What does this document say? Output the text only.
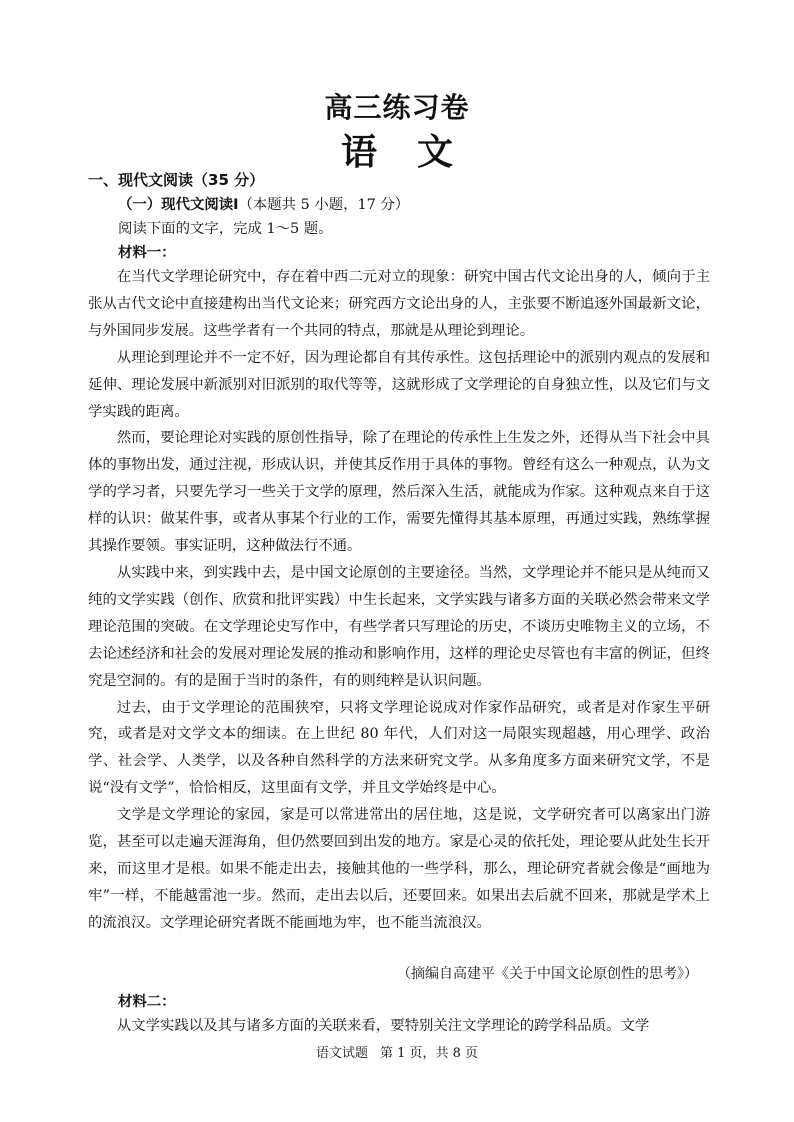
高三练习卷
语 文
一、现代文阅读（35 分）
（一）现代文阅读Ⅰ（本题共 5 小题，17 分）
阅读下面的文字，完成 1～5 题。
材料一：

在当代文学理论研究中，存在着中西二元对立的现象：研究中国古代文论出身的人，倾向于主张从古代文论中直接建构出当代文论来；研究西方文论出身的人，主张要不断追逐外国最新文论，与外国同步发展。这些学者有一个共同的特点，那就是从理论到理论。

从理论到理论并不一定不好，因为理论都自有其传承性。这包括理论中的派别内观点的发展和延伸、理论发展中新派别对旧派别的取代等等，这就形成了文学理论的自身独立性，以及它们与文学实践的距离。

然而，要论理论对实践的原创性指导，除了在理论的传承性上生发之外，还得从当下社会中具体的事物出发，通过注视，形成认识，并使其反作用于具体的事物。曾经有这么一种观点，认为文学的学习者，只要先学习一些关于文学的原理，然后深入生活，就能成为作家。这种观点来自于这样的认识：做某件事，或者从事某个行业的工作，需要先懂得其基本原理，再通过实践，熟练掌握其操作要领。事实证明，这种做法行不通。

从实践中来，到实践中去，是中国文论原创的主要途径。当然，文学理论并不能只是从纯而又纯的文学实践（创作、欣赏和批评实践）中生长起来，文学实践与诸多方面的关联必然会带来文学理论范围的突破。在文学理论史写作中，有些学者只写理论的历史，不谈历史唯物主义的立场，不去论述经济和社会的发展对理论发展的推动和影响作用，这样的理论史尽管也有丰富的例证，但终究是空洞的。有的是囿于当时的条件，有的则纯粹是认识问题。

过去，由于文学理论的范围狭窄，只将文学理论说成对作家作品研究，或者是对作家生平研究，或者是对文学文本的细读。在上世纪 80 年代，人们对这一局限实现超越，用心理学、政治学、社会学、人类学，以及各种自然科学的方法来研究文学。从多角度多方面来研究文学，不是说“没有文学”，恰恰相反，这里面有文学，并且文学始终是中心。

文学是文学理论的家园，家是可以常进常出的居住地，这是说，文学研究者可以离家出门游览，甚至可以走遍天涯海角，但仍然要回到出发的地方。家是心灵的依托处，理论要从此处生长开来，而这里才是根。如果不能走出去，接触其他的一些学科，那么，理论研究者就会像是“画地为牢”一样，不能越雷池一步。然而，走出去以后，还要回来。如果出去后就不回来，那就是学术上的流浪汉。文学理论研究者既不能画地为牢，也不能当流浪汉。

（摘编自高建平《关于中国文论原创性的思考》）
材料二：

从文学实践以及其与诸多方面的关联来看，要特别关注文学理论的跨学科品质。文学

语文试题 第 1 页，共 8 页
